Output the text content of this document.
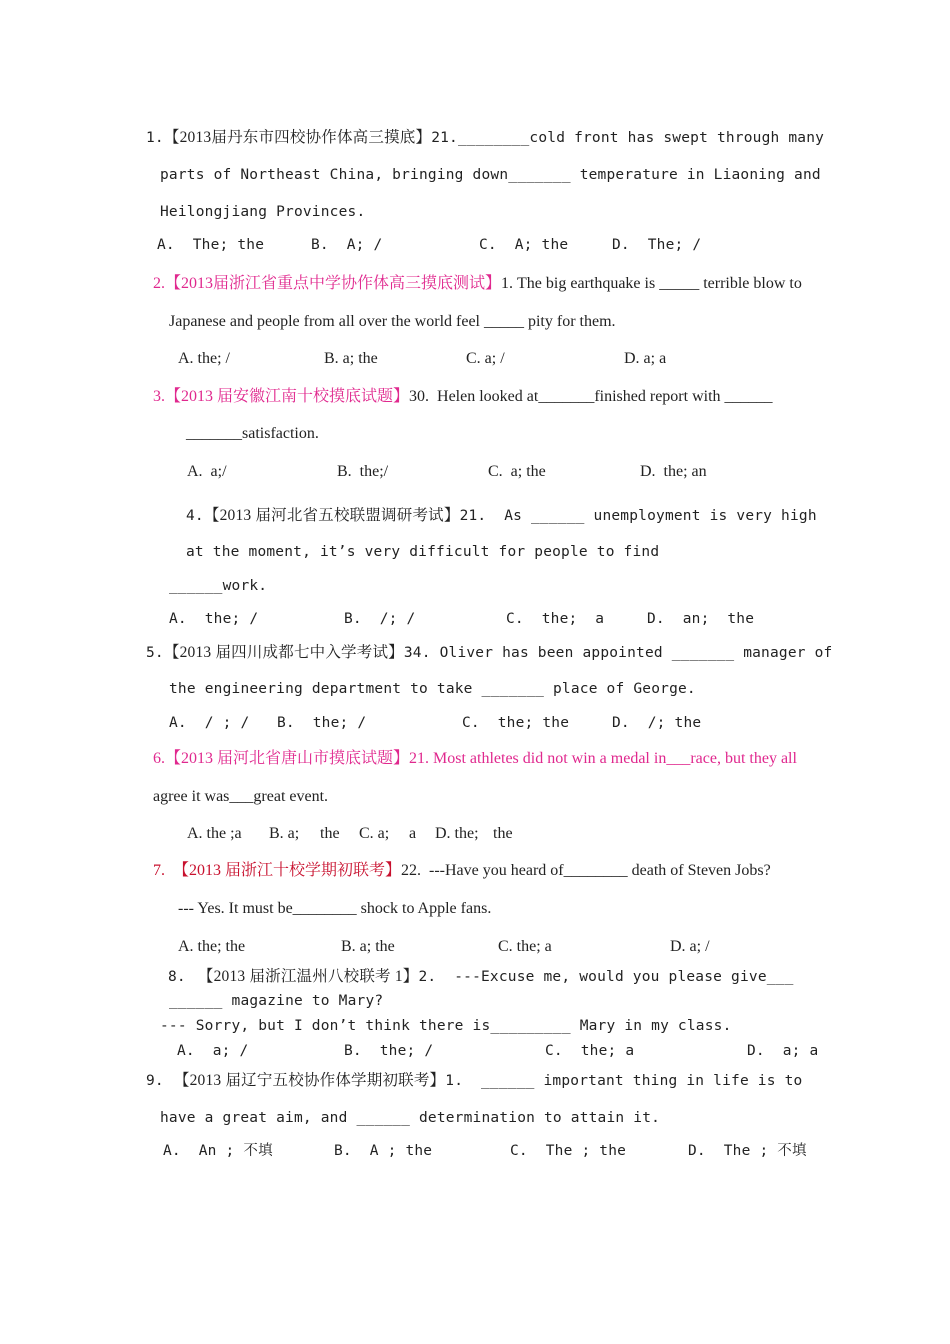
1.【2013届丹东市四校协作体高三摸底】21.________cold front has swept through many
parts of Northeast China, bringing down_______ temperature in Liaoning and
Heilongjiang Provinces.

A.  The; the

	B.  A; /

	C.  A; the

	D.  The; /

2.【2013届浙江省重点中学协作体高三摸底测试】1. The big earthquake is _____ terrible blow to
Japanese and people from all over the world feel _____ pity for them.

A. the; /

	B. a; the

	C. a; /

	D. a; a

3.【2013 届安徽江南十校摸底试题】30.  Helen looked at_______finished report with ______
_______satisfaction.

A.  a;/

	B.  the;/

	C.  a; the

	D.  the; an

4.【2013 届河北省五校联盟调研考试】21.  As ______ unemployment is very high
at the moment, it’s very difficult for people to find
______work.

A.  the; /

	B.  /; /

	C.  the;  a

	D.  an;  the

5.【2013 届四川成都七中入学考试】34. Oliver has been appointed _______ manager of
the engineering department to take _______ place of George.

A.  / ; /

B.  the; /

	C.  the; the

	D.  /; the

6.【2013 届河北省唐山市摸底试题】21. Most athletes did not win a medal in___race, but they all
agree it was___great event.

A. the ;a

B. a;

the

C. a;

a

D. the;

the

7.  【2013 届浙江十校学期初联考】22.  ---Have you heard of________ death of Steven Jobs?
--- Yes. It must be________ shock to Apple fans.

A. the; the

	B. a; the

	C. the; a

	D. a; /

8. 【2013 届浙江温州八校联考 1】2.  ---Excuse me, would you please give___
______ magazine to Mary?
--- Sorry, but I don’t think there is_________ Mary in my class.

A.  a; /

	B.  the; /

	C.  the; a

	D.  a; a

9. 【2013 届辽宁五校协作体学期初联考】1.  ______ important thing in life is to
have a great aim, and ______ determination to attain it.

A.  An ; 不填

	B.  A ; the

	C.  The ; the

	D.  The ; 不填
